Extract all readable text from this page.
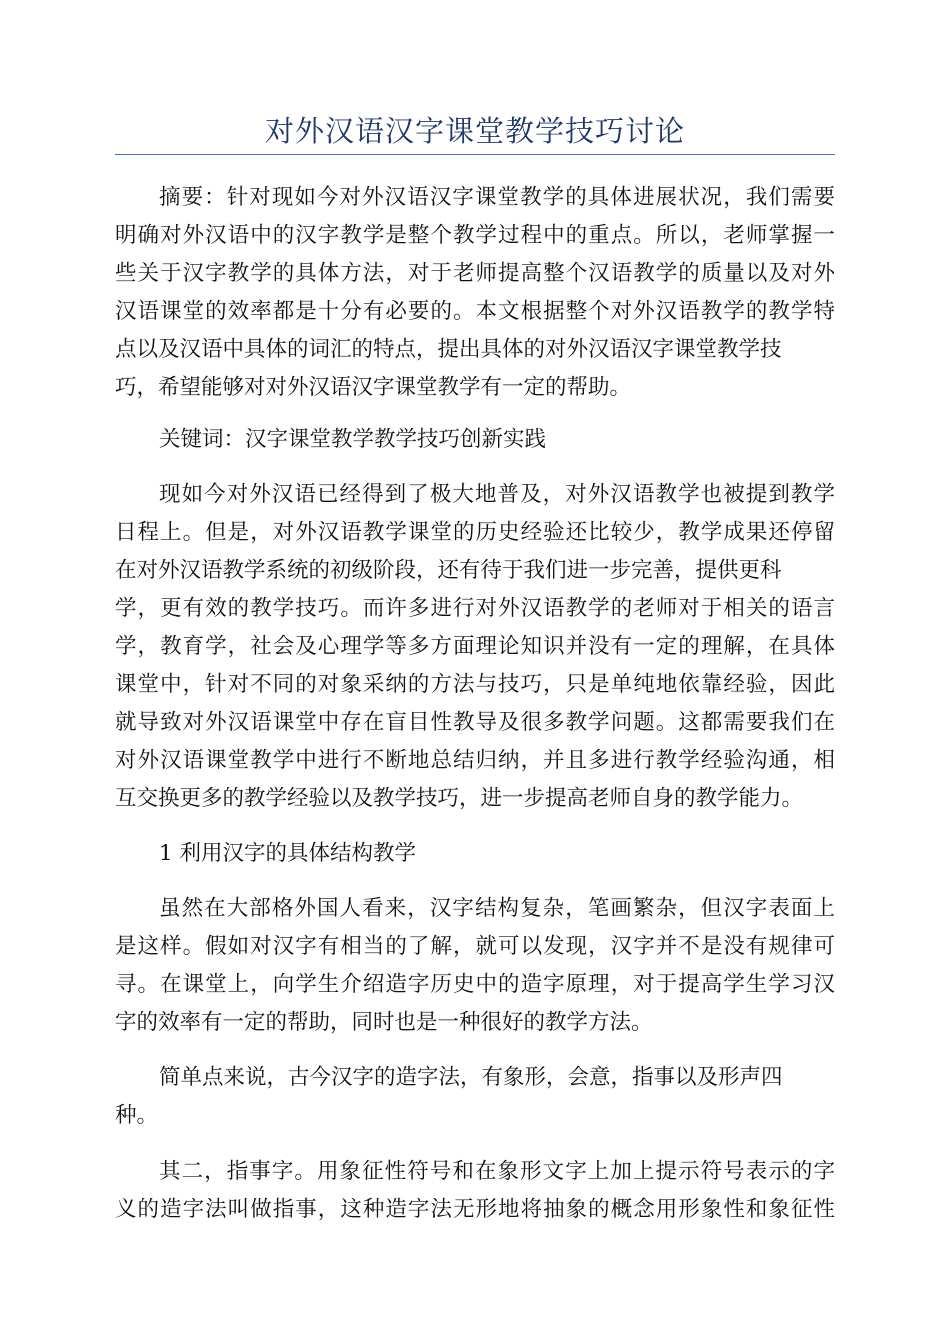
对外汉语汉字课堂教学技巧讨论
摘要：针对现如今对外汉语汉字课堂教学的具体进展状况，我们需要
明确对外汉语中的汉字教学是整个教学过程中的重点。所以，老师掌握一
些关于汉字教学的具体方法，对于老师提高整个汉语教学的质量以及对外
汉语课堂的效率都是十分有必要的。本文根据整个对外汉语教学的教学特
点以及汉语中具体的词汇的特点，提出具体的对外汉语汉字课堂教学技
巧，希望能够对对外汉语汉字课堂教学有一定的帮助。
关键词：汉字课堂教学教学技巧创新实践
现如今对外汉语已经得到了极大地普及，对外汉语教学也被提到教学
日程上。但是，对外汉语教学课堂的历史经验还比较少，教学成果还停留
在对外汉语教学系统的初级阶段，还有待于我们进一步完善，提供更科
学，更有效的教学技巧。而许多进行对外汉语教学的老师对于相关的语言
学，教育学，社会及心理学等多方面理论知识并没有一定的理解，在具体
课堂中，针对不同的对象采纳的方法与技巧，只是单纯地依靠经验，因此
就导致对外汉语课堂中存在盲目性教导及很多教学问题。这都需要我们在
对外汉语课堂教学中进行不断地总结归纳，并且多进行教学经验沟通，相
互交换更多的教学经验以及教学技巧，进一步提高老师自身的教学能力。
1 利用汉字的具体结构教学
虽然在大部格外国人看来，汉字结构复杂，笔画繁杂，但汉字表面上
是这样。假如对汉字有相当的了解，就可以发现，汉字并不是没有规律可
寻。在课堂上，向学生介绍造字历史中的造字原理，对于提高学生学习汉
字的效率有一定的帮助，同时也是一种很好的教学方法。
简单点来说，古今汉字的造字法，有象形，会意，指事以及形声四
种。
其二，指事字。用象征性符号和在象形文字上加上提示符号表示的字
义的造字法叫做指事，这种造字法无形地将抽象的概念用形象性和象征性
